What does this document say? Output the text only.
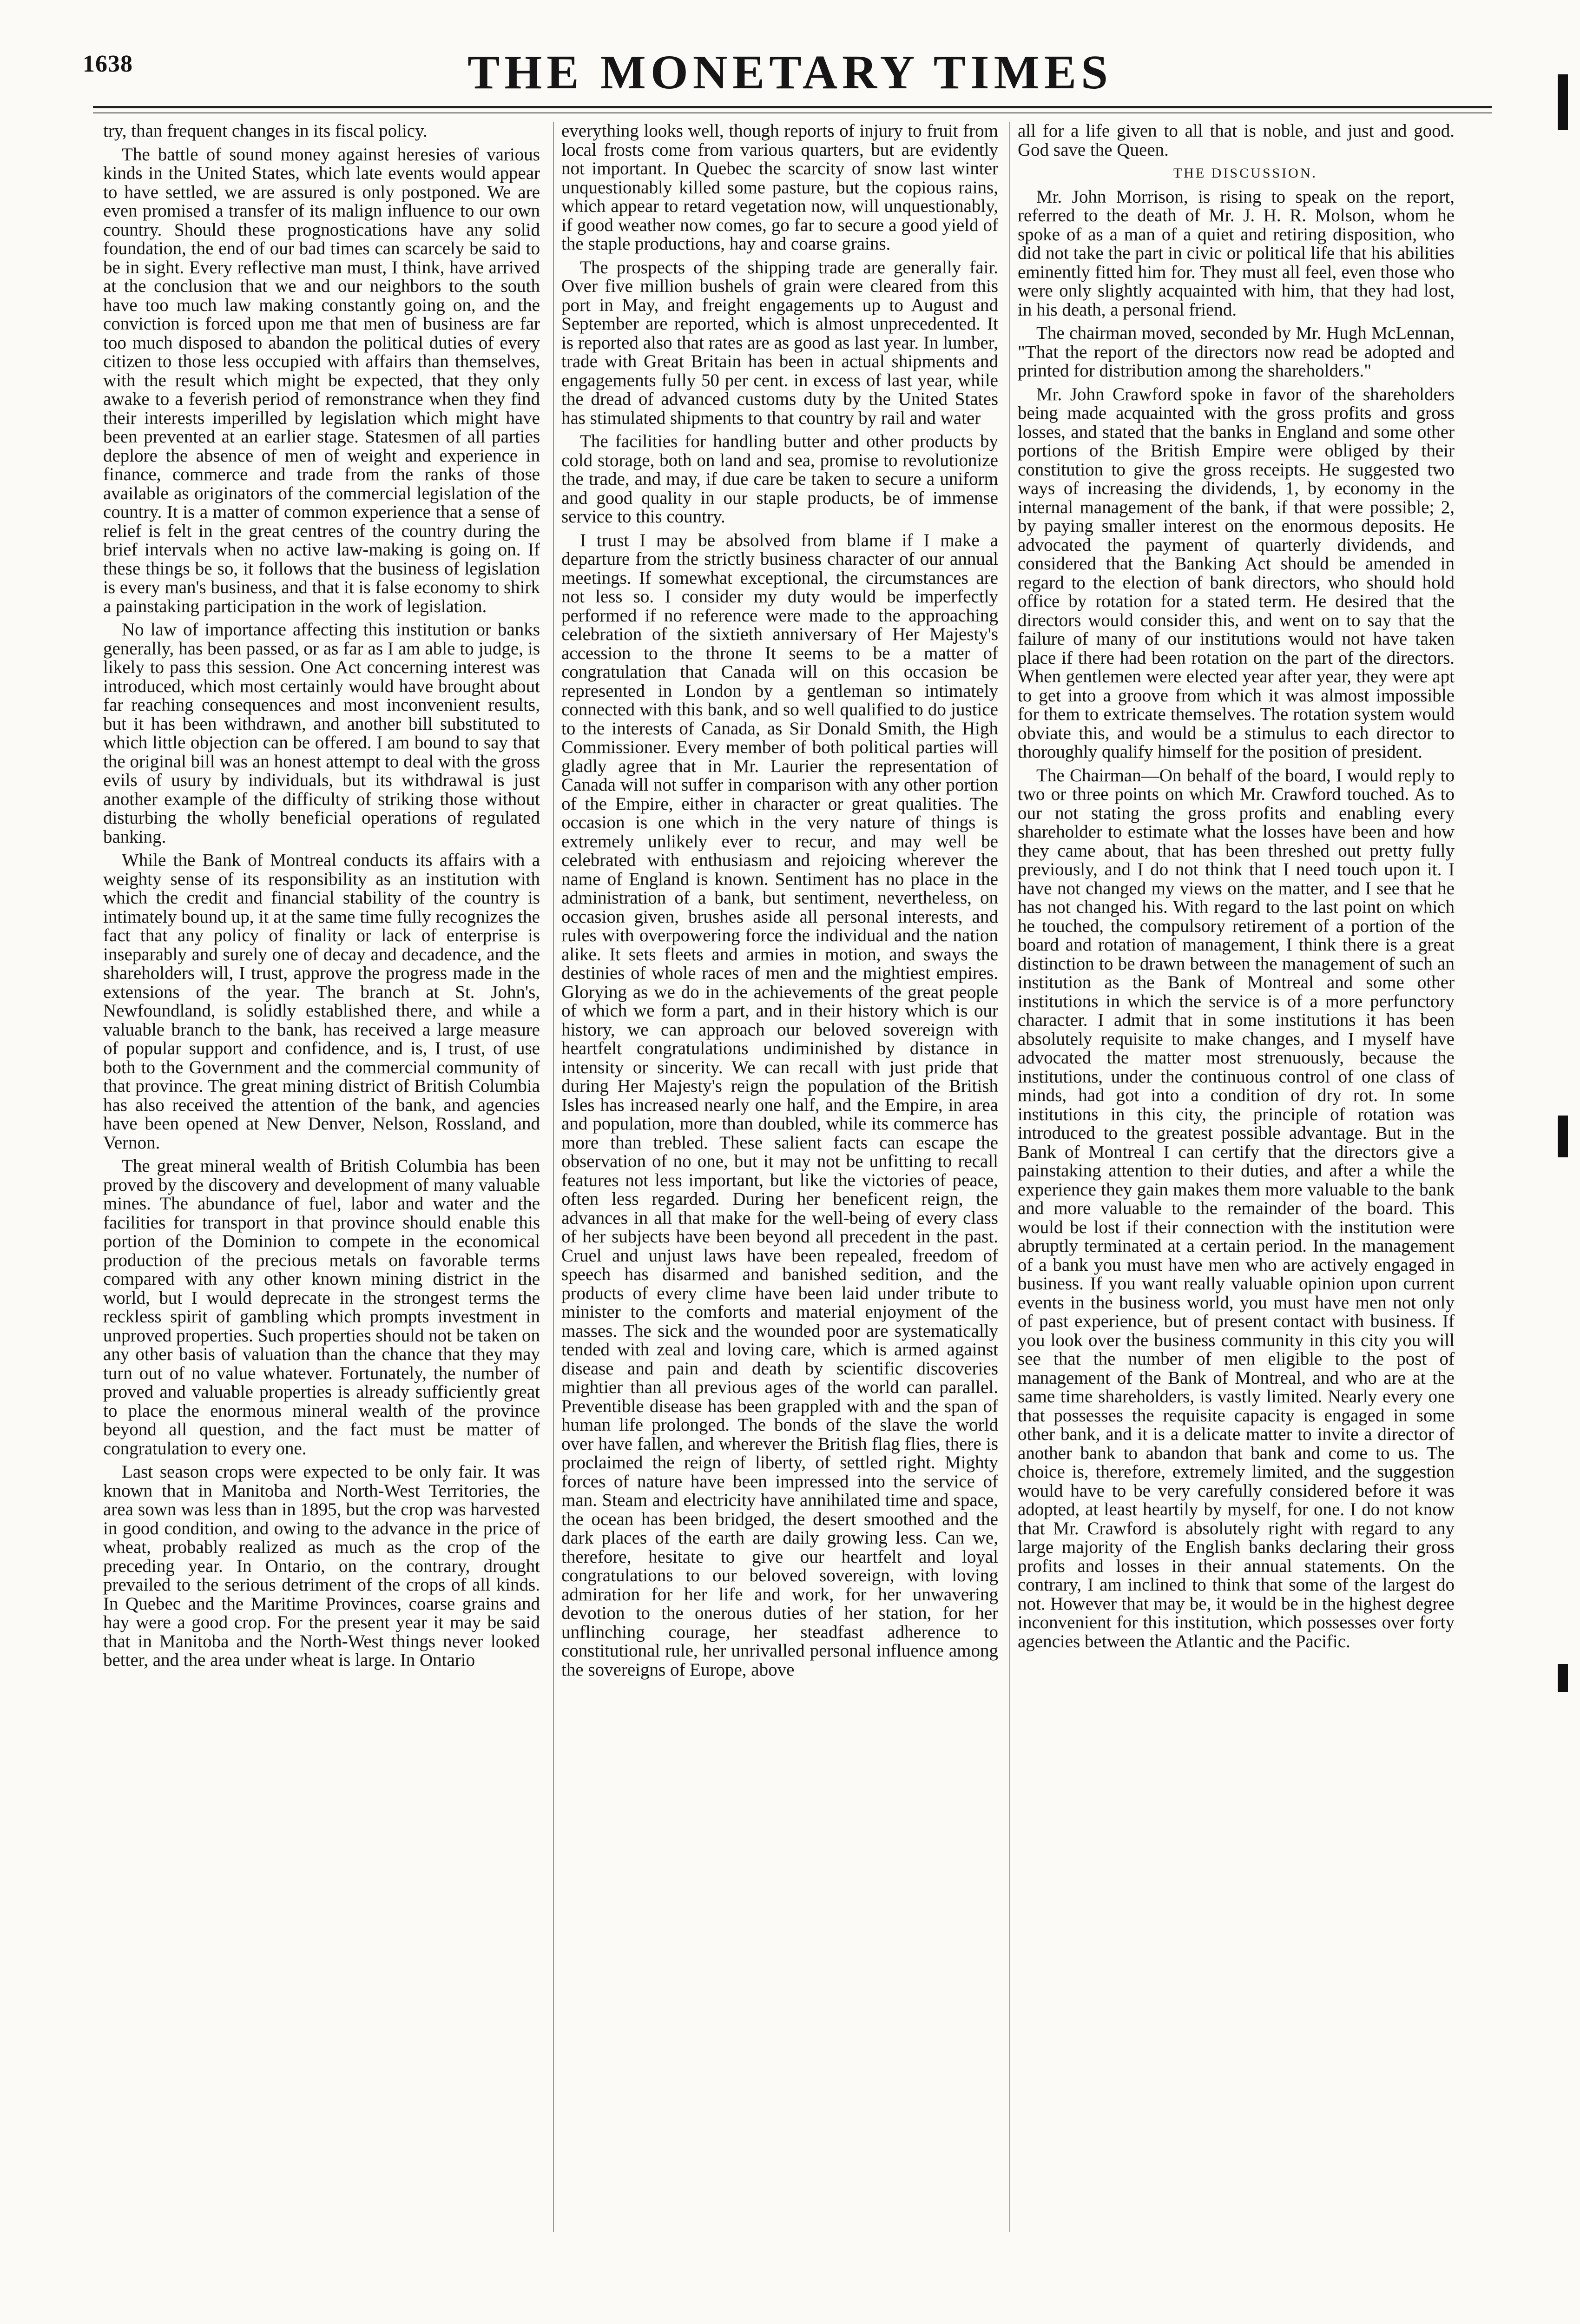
1638	THE MONETARY TIMES

try, than frequent changes in its fiscal policy.

The battle of sound money against heresies of various kinds in the United States, which late events would appear to have settled, we are assured is only postponed. We are even promised a transfer of its malign influence to our own country. Should these prognostications have any solid foundation, the end of our bad times can scarcely be said to be in sight. Every reflective man must, I think, have arrived at the conclusion that we and our neighbors to the south have too much law making constantly going on, and the conviction is forced upon me that men of business are far too much disposed to abandon the political duties of every citizen to those less occupied with affairs than themselves, with the result which might be expected, that they only awake to a feverish period of remonstrance when they find their interests imperilled by legislation which might have been prevented at an earlier stage. Statesmen of all parties deplore the absence of men of weight and experience in finance, commerce and trade from the ranks of those available as originators of the commercial legislation of the country. It is a matter of common experience that a sense of relief is felt in the great centres of the country during the brief intervals when no active law-making is going on. If these things be so, it follows that the business of legislation is every man's business, and that it is false economy to shirk a painstaking participation in the work of legislation.

No law of importance affecting this institution or banks generally, has been passed, or as far as I am able to judge, is likely to pass this session. One Act concerning interest was introduced, which most certainly would have brought about far reaching consequences and most inconvenient results, but it has been withdrawn, and another bill substituted to which little objection can be offered. I am bound to say that the original bill was an honest attempt to deal with the gross evils of usury by individuals, but its withdrawal is just another example of the difficulty of striking those without disturbing the wholly beneficial operations of regulated banking.

While the Bank of Montreal conducts its affairs with a weighty sense of its responsibility as an institution with which the credit and financial stability of the country is intimately bound up, it at the same time fully recognizes the fact that any policy of finality or lack of enterprise is inseparably and surely one of decay and decadence, and the shareholders will, I trust, approve the progress made in the extensions of the year. The branch at St. John's, Newfoundland, is solidly established there, and while a valuable branch to the bank, has received a large measure of popular support and confidence, and is, I trust, of use both to the Government and the commercial community of that province. The great mining district of British Columbia has also received the attention of the bank, and agencies have been opened at New Denver, Nelson, Rossland, and Vernon.

The great mineral wealth of British Columbia has been proved by the discovery and development of many valuable mines. The abundance of fuel, labor and water and the facilities for transport in that province should enable this portion of the Dominion to compete in the economical production of the precious metals on favorable terms compared with any other known mining district in the world, but I would deprecate in the strongest terms the reckless spirit of gambling which prompts investment in unproved properties. Such properties should not be taken on any other basis of valuation than the chance that they may turn out of no value whatever. Fortunately, the number of proved and valuable properties is already sufficiently great to place the enormous mineral wealth of the province beyond all question, and the fact must be matter of congratulation to every one.

Last season crops were expected to be only fair. It was known that in Manitoba and North-West Territories, the area sown was less than in 1895, but the crop was harvested in good condition, and owing to the advance in the price of wheat, probably realized as much as the crop of the preceding year. In Ontario, on the contrary, drought prevailed to the serious detriment of the crops of all kinds. In Quebec and the Maritime Provinces, coarse grains and hay were a good crop. For the present year it may be said that in Manitoba and the North-West things never looked better, and the area under wheat is large. In Ontario

everything looks well, though reports of injury to fruit from local frosts come from various quarters, but are evidently not important. In Quebec the scarcity of snow last winter unquestionably killed some pasture, but the copious rains, which appear to retard vegetation now, will unquestionably, if good weather now comes, go far to secure a good yield of the staple productions, hay and coarse grains.

The prospects of the shipping trade are generally fair. Over five million bushels of grain were cleared from this port in May, and freight engagements up to August and September are reported, which is almost unprecedented. It is reported also that rates are as good as last year. In lumber, trade with Great Britain has been in actual shipments and engagements fully 50 per cent. in excess of last year, while the dread of advanced customs duty by the United States has stimulated shipments to that country by rail and water

The facilities for handling butter and other products by cold storage, both on land and sea, promise to revolutionize the trade, and may, if due care be taken to secure a uniform and good quality in our staple products, be of immense service to this country.

I trust I may be absolved from blame if I make a departure from the strictly business character of our annual meetings. If somewhat exceptional, the circumstances are not less so. I consider my duty would be imperfectly performed if no reference were made to the approaching celebration of the sixtieth anniversary of Her Majesty's accession to the throne It seems to be a matter of congratulation that Canada will on this occasion be represented in London by a gentleman so intimately connected with this bank, and so well qualified to do justice to the interests of Canada, as Sir Donald Smith, the High Commissioner. Every member of both political parties will gladly agree that in Mr. Laurier the representation of Canada will not suffer in comparison with any other portion of the Empire, either in character or great qualities. The occasion is one which in the very nature of things is extremely unlikely ever to recur, and may well be celebrated with enthusiasm and rejoicing wherever the name of England is known. Sentiment has no place in the administration of a bank, but sentiment, nevertheless, on occasion given, brushes aside all personal interests, and rules with overpowering force the individual and the nation alike. It sets fleets and armies in motion, and sways the destinies of whole races of men and the mightiest empires. Glorying as we do in the achievements of the great people of which we form a part, and in their history which is our history, we can approach our beloved sovereign with heartfelt congratulations undiminished by distance in intensity or sincerity. We can recall with just pride that during Her Majesty's reign the population of the British Isles has increased nearly one half, and the Empire, in area and population, more than doubled, while its commerce has more than trebled. These salient facts can escape the observation of no one, but it may not be unfitting to recall features not less important, but like the victories of peace, often less regarded. During her beneficent reign, the advances in all that make for the well-being of every class of her subjects have been beyond all precedent in the past. Cruel and unjust laws have been repealed, freedom of speech has disarmed and banished sedition, and the products of every clime have been laid under tribute to minister to the comforts and material enjoyment of the masses. The sick and the wounded poor are systematically tended with zeal and loving care, which is armed against disease and pain and death by scientific discoveries mightier than all previous ages of the world can parallel. Preventible disease has been grappled with and the span of human life prolonged. The bonds of the slave the world over have fallen, and wherever the British flag flies, there is proclaimed the reign of liberty, of settled right. Mighty forces of nature have been impressed into the service of man. Steam and electricity have annihilated time and space, the ocean has been bridged, the desert smoothed and the dark places of the earth are daily growing less. Can we, therefore, hesitate to give our heartfelt and loyal congratulations to our beloved sovereign, with loving admiration for her life and work, for her unwavering devotion to the onerous duties of her station, for her unflinching courage, her steadfast adherence to constitutional rule, her unrivalled personal influence among the sovereigns of Europe, above

all for a life given to all that is noble, and just and good. God save the Queen.

THE DISCUSSION.

Mr. John Morrison, is rising to speak on the report, referred to the death of Mr. J. H. R. Molson, whom he spoke of as a man of a quiet and retiring disposition, who did not take the part in civic or political life that his abilities eminently fitted him for. They must all feel, even those who were only slightly acquainted with him, that they had lost, in his death, a personal friend.

The chairman moved, seconded by Mr. Hugh McLennan, "That the report of the directors now read be adopted and printed for distribution among the shareholders."

Mr. John Crawford spoke in favor of the shareholders being made acquainted with the gross profits and gross losses, and stated that the banks in England and some other portions of the British Empire were obliged by their constitution to give the gross receipts. He suggested two ways of increasing the dividends, 1, by economy in the internal management of the bank, if that were possible; 2, by paying smaller interest on the enormous deposits. He advocated the payment of quarterly dividends, and considered that the Banking Act should be amended in regard to the election of bank directors, who should hold office by rotation for a stated term. He desired that the directors would consider this, and went on to say that the failure of many of our institutions would not have taken place if there had been rotation on the part of the directors. When gentlemen were elected year after year, they were apt to get into a groove from which it was almost impossible for them to extricate themselves. The rotation system would obviate this, and would be a stimulus to each director to thoroughly qualify himself for the position of president.

The Chairman—On behalf of the board, I would reply to two or three points on which Mr. Crawford touched. As to our not stating the gross profits and enabling every shareholder to estimate what the losses have been and how they came about, that has been threshed out pretty fully previously, and I do not think that I need touch upon it. I have not changed my views on the matter, and I see that he has not changed his. With regard to the last point on which he touched, the compulsory retirement of a portion of the board and rotation of management, I think there is a great distinction to be drawn between the management of such an institution as the Bank of Montreal and some other institutions in which the service is of a more perfunctory character. I admit that in some institutions it has been absolutely requisite to make changes, and I myself have advocated the matter most strenuously, because the institutions, under the continuous control of one class of minds, had got into a condition of dry rot. In some institutions in this city, the principle of rotation was introduced to the greatest possible advantage. But in the Bank of Montreal I can certify that the directors give a painstaking attention to their duties, and after a while the experience they gain makes them more valuable to the bank and more valuable to the remainder of the board. This would be lost if their connection with the institution were abruptly terminated at a certain period. In the management of a bank you must have men who are actively engaged in business. If you want really valuable opinion upon current events in the business world, you must have men not only of past experience, but of present contact with business. If you look over the business community in this city you will see that the number of men eligible to the post of management of the Bank of Montreal, and who are at the same time shareholders, is vastly limited. Nearly every one that possesses the requisite capacity is engaged in some other bank, and it is a delicate matter to invite a director of another bank to abandon that bank and come to us. The choice is, therefore, extremely limited, and the suggestion would have to be very carefully considered before it was adopted, at least heartily by myself, for one. I do not know that Mr. Crawford is absolutely right with regard to any large majority of the English banks declaring their gross profits and losses in their annual statements. On the contrary, I am inclined to think that some of the largest do not. However that may be, it would be in the highest degree inconvenient for this institution, which possesses over forty agencies between the Atlantic and the Pacific.
